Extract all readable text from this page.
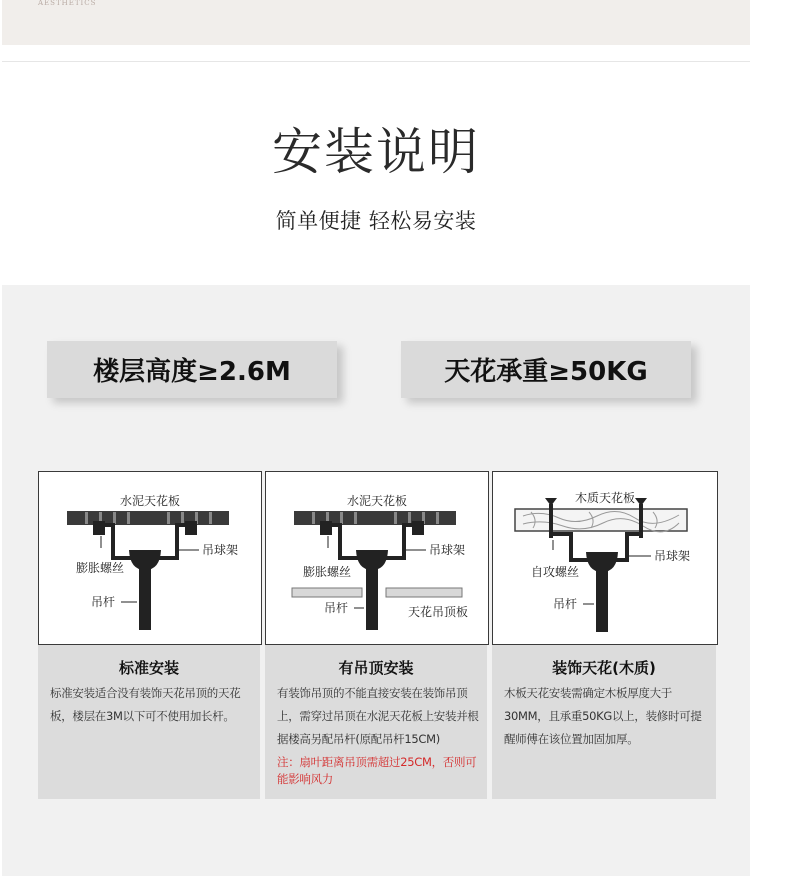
AESTHETICS
安装说明
简单便捷 轻松易安装
楼层高度≥2.6M	天花承重≥50KG
水泥天花板
吊球架
膨胀螺丝
吊杆
水泥天花板
吊球架
膨胀螺丝
吊杆	天花吊顶板
木质天花板
吊球架
自攻螺丝
吊杆
标准安装
标准安装适合没有装饰天花吊顶的天花板，楼层在3M以下可不使用加长杆。
有吊顶安装
有装饰吊顶的不能直接安装在装饰吊顶上，需穿过吊顶在水泥天花板上安装并根据楼高另配吊杆(原配吊杆15CM)
注：扇叶距离吊顶需超过25CM，否则可能影响风力
装饰天花(木质)
木板天花安装需确定木板厚度大于30MM，且承重50KG以上，装修时可提醒师傅在该位置加固加厚。
